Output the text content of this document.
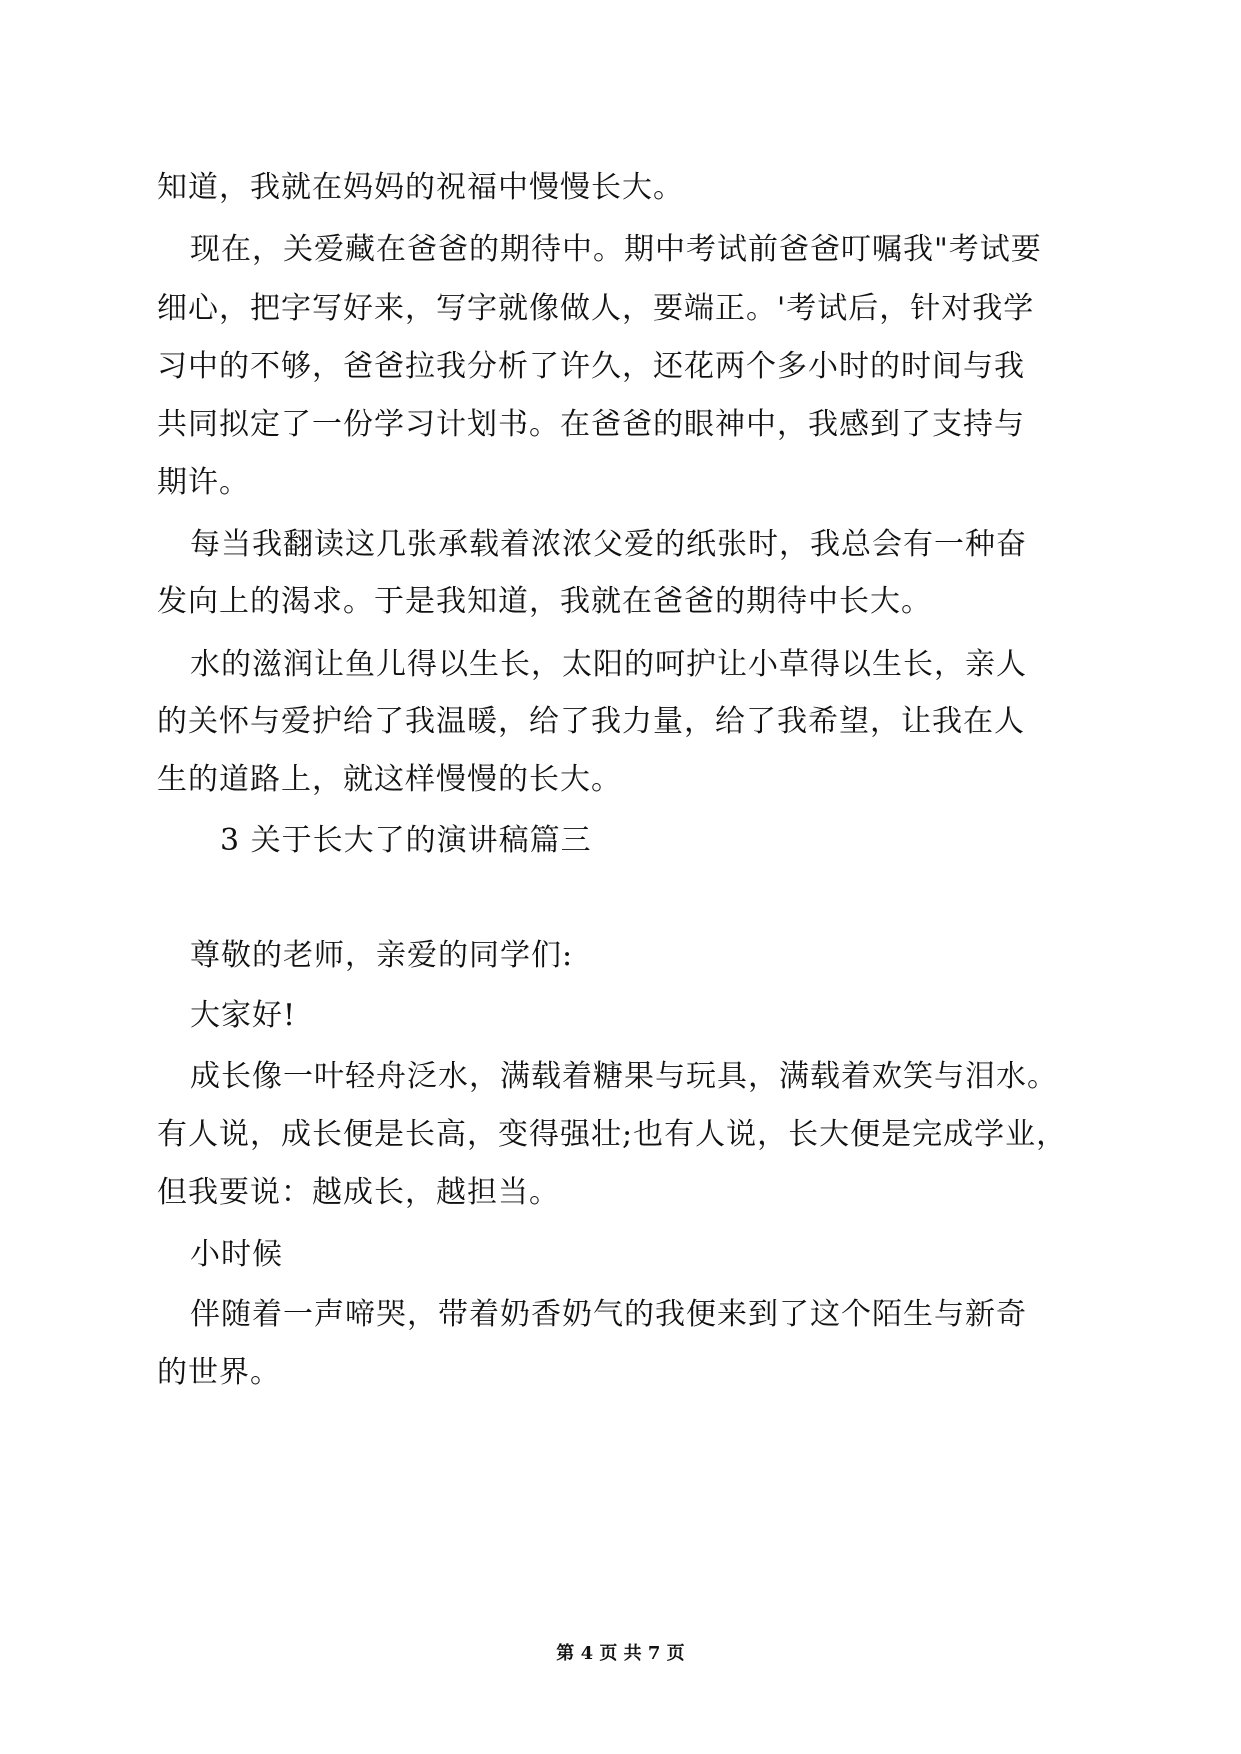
知道，我就在妈妈的祝福中慢慢长大。
现在，关爱藏在爸爸的期待中。期中考试前爸爸叮嘱我"考试要
细心，把字写好来，写字就像做人，要端正。'考试后，针对我学
习中的不够，爸爸拉我分析了许久，还花两个多小时的时间与我
共同拟定了一份学习计划书。在爸爸的眼神中，我感到了支持与
期许。
每当我翻读这几张承载着浓浓父爱的纸张时，我总会有一种奋
发向上的渴求。于是我知道，我就在爸爸的期待中长大。
水的滋润让鱼儿得以生长，太阳的呵护让小草得以生长，亲人
的关怀与爱护给了我温暖，给了我力量，给了我希望，让我在人
生的道路上，就这样慢慢的长大。
3 关于长大了的演讲稿篇三
尊敬的老师，亲爱的同学们:
大家好!
成长像一叶轻舟泛水，满载着糖果与玩具，满载着欢笑与泪水。
有人说，成长便是长高，变得强壮;也有人说，长大便是完成学业，
但我要说：越成长，越担当。
小时候
伴随着一声啼哭，带着奶香奶气的我便来到了这个陌生与新奇
的世界。
第 4 页 共 7 页
